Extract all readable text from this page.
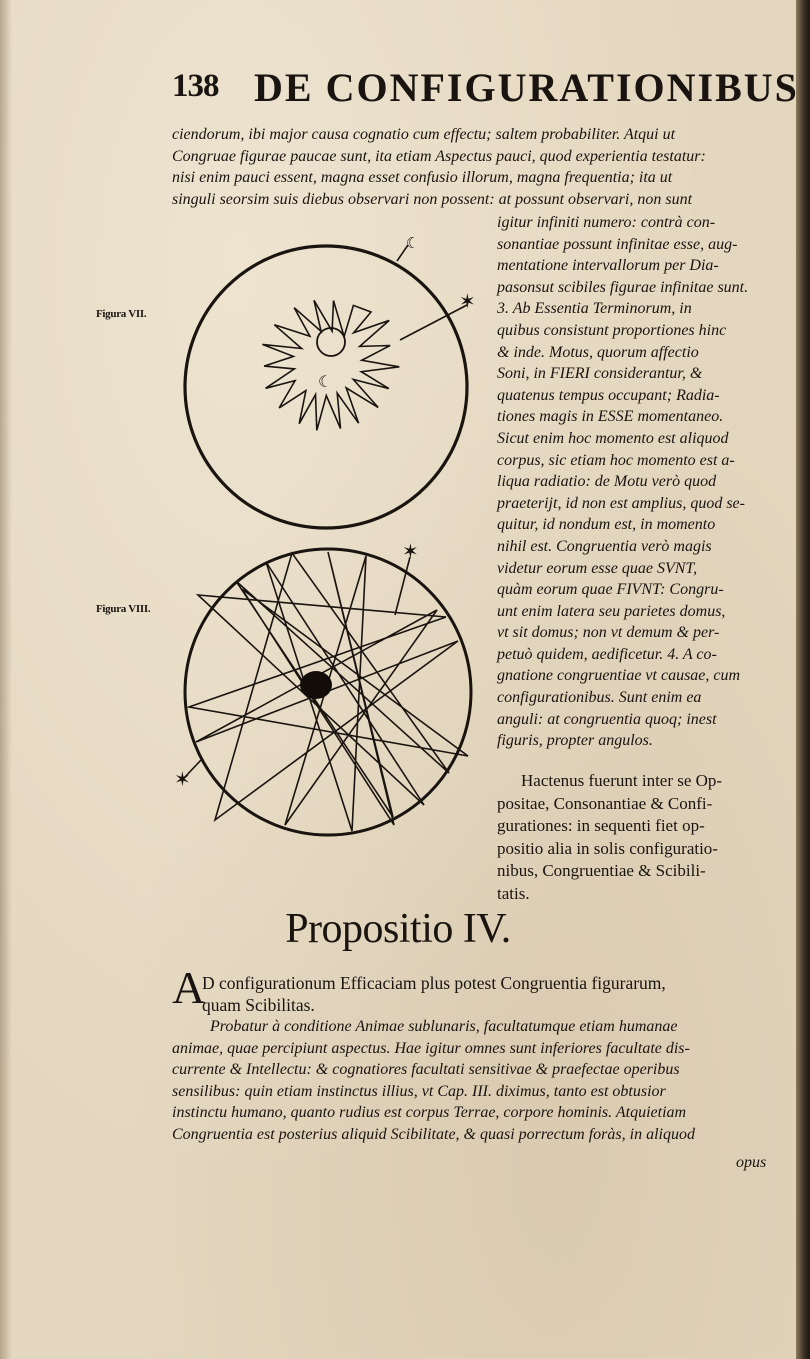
138 DE CONFIGURATIONIBUS

ciendorum, ibi major causa cognatio cum effectu; saltem probabiliter. Atqui ut

Congruae figurae paucae sunt, ita etiam Aspectus pauci, quod experientia testatur:

nisi enim pauci essent, magna esset confusio illorum, magna frequentia; ita ut

singuli seorsim suis diebus observari non possent: at possunt observari, non sunt

Figura VII.
☾
✶
☾
Figura VIII.
✶
✶

igitur infiniti numero: contrà con-

sonantiae possunt infinitae esse, aug-

mentatione intervallorum per Dia-

pasonsut scibiles figurae infinitae sunt.

3. Ab Essentia Terminorum, in

quibus consistunt proportiones hinc

& inde. Motus, quorum affectio

Soni, in FIERI considerantur, &

quatenus tempus occupant; Radia-

tiones magis in ESSE momentaneo.

Sicut enim hoc momento est aliquod

corpus, sic etiam hoc momento est a-

liqua radiatio: de Motu verò quod

praeterijt, id non est amplius, quod se-

quitur, id nondum est, in momento

nihil est. Congruentia verò magis

videtur eorum esse quae SVNT,

quàm eorum quae FIVNT: Congru-

unt enim latera seu parietes domus,

vt sit domus; non vt demum & per-

petuò quidem, aedificetur. 4. A co-

gnatione congruentiae vt causae, cum

configurationibus. Sunt enim ea

anguli: at congruentia quoq; inest

figuris, propter angulos.

Hactenus fuerunt inter se Op-

positae, Consonantiae & Confi-

gurationes: in sequenti fiet op-

positio alia in solis configuratio-

nibus, Congruentiae & Scibili-

tatis.

Propositio IV.
A

D configurationum Efficaciam plus potest Congruentia figurarum,

quam Scibilitas.

Probatur à conditione Animae sublunaris, facultatumque etiam humanae

animae, quae percipiunt aspectus. Hae igitur omnes sunt inferiores facultate dis-

currente & Intellectu: & cognatiores facultati sensitivae & praefectae operibus

sensilibus: quin etiam instinctus illius, vt Cap. III. diximus, tanto est obtusior

instinctu humano, quanto rudius est corpus Terrae, corpore hominis. Atquietiam

Congruentia est posterius aliquid Scibilitate, & quasi porrectum foràs, in aliquod

opus
